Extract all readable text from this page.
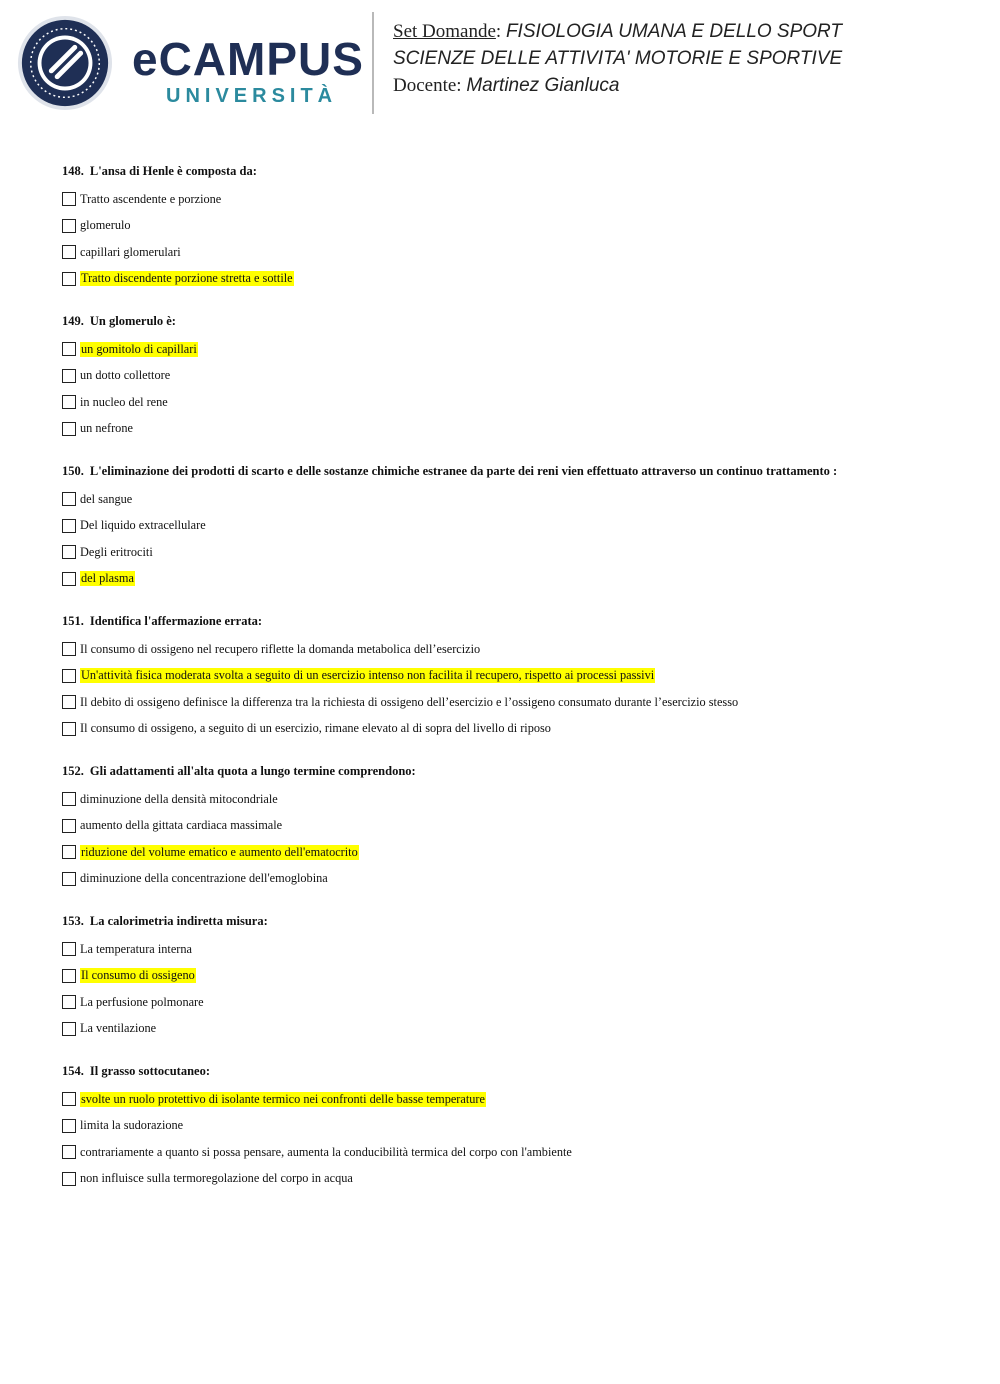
eCAMPUS
UNIVERSITÀ
Set Domande: FISIOLOGIA UMANA E DELLO SPORT
SCIENZE DELLE ATTIVITA' MOTORIE E SPORTIVE
Docente: Martinez Gianluca
148. L'ansa di Henle è composta da:
Tratto ascendente e porzione
glomerulo
capillari glomerulari
Tratto discendente porzione stretta e sottile
149. Un glomerulo è:
un gomitolo di capillari
un dotto collettore
in nucleo del rene
un nefrone
150. L'eliminazione dei prodotti di scarto e delle sostanze chimiche estranee da parte dei reni vien effettuato attraverso un continuo trattamento :
del sangue
Del liquido extracellulare
Degli eritrociti
del plasma
151. Identifica l'affermazione errata:
Il consumo di ossigeno nel recupero riflette la domanda metabolica dell’esercizio
Un'attività fisica moderata svolta a seguito di un esercizio intenso non facilita il recupero, rispetto ai processi passivi
Il debito di ossigeno definisce la differenza tra la richiesta di ossigeno dell’esercizio e l’ossigeno consumato durante l’esercizio stesso
Il consumo di ossigeno, a seguito di un esercizio, rimane elevato al di sopra del livello di riposo
152. Gli adattamenti all'alta quota a lungo termine comprendono:
diminuzione della densità mitocondriale
aumento della gittata cardiaca massimale
riduzione del volume ematico e aumento dell'ematocrito
diminuzione della concentrazione dell'emoglobina
153. La calorimetria indiretta misura:
La temperatura interna
Il consumo di ossigeno
La perfusione polmonare
La ventilazione
154. Il grasso sottocutaneo:
svolte un ruolo protettivo di isolante termico nei confronti delle basse temperature
limita la sudorazione
contrariamente a quanto si possa pensare, aumenta la conducibilità termica del corpo con l'ambiente
non influisce sulla termoregolazione del corpo in acqua
